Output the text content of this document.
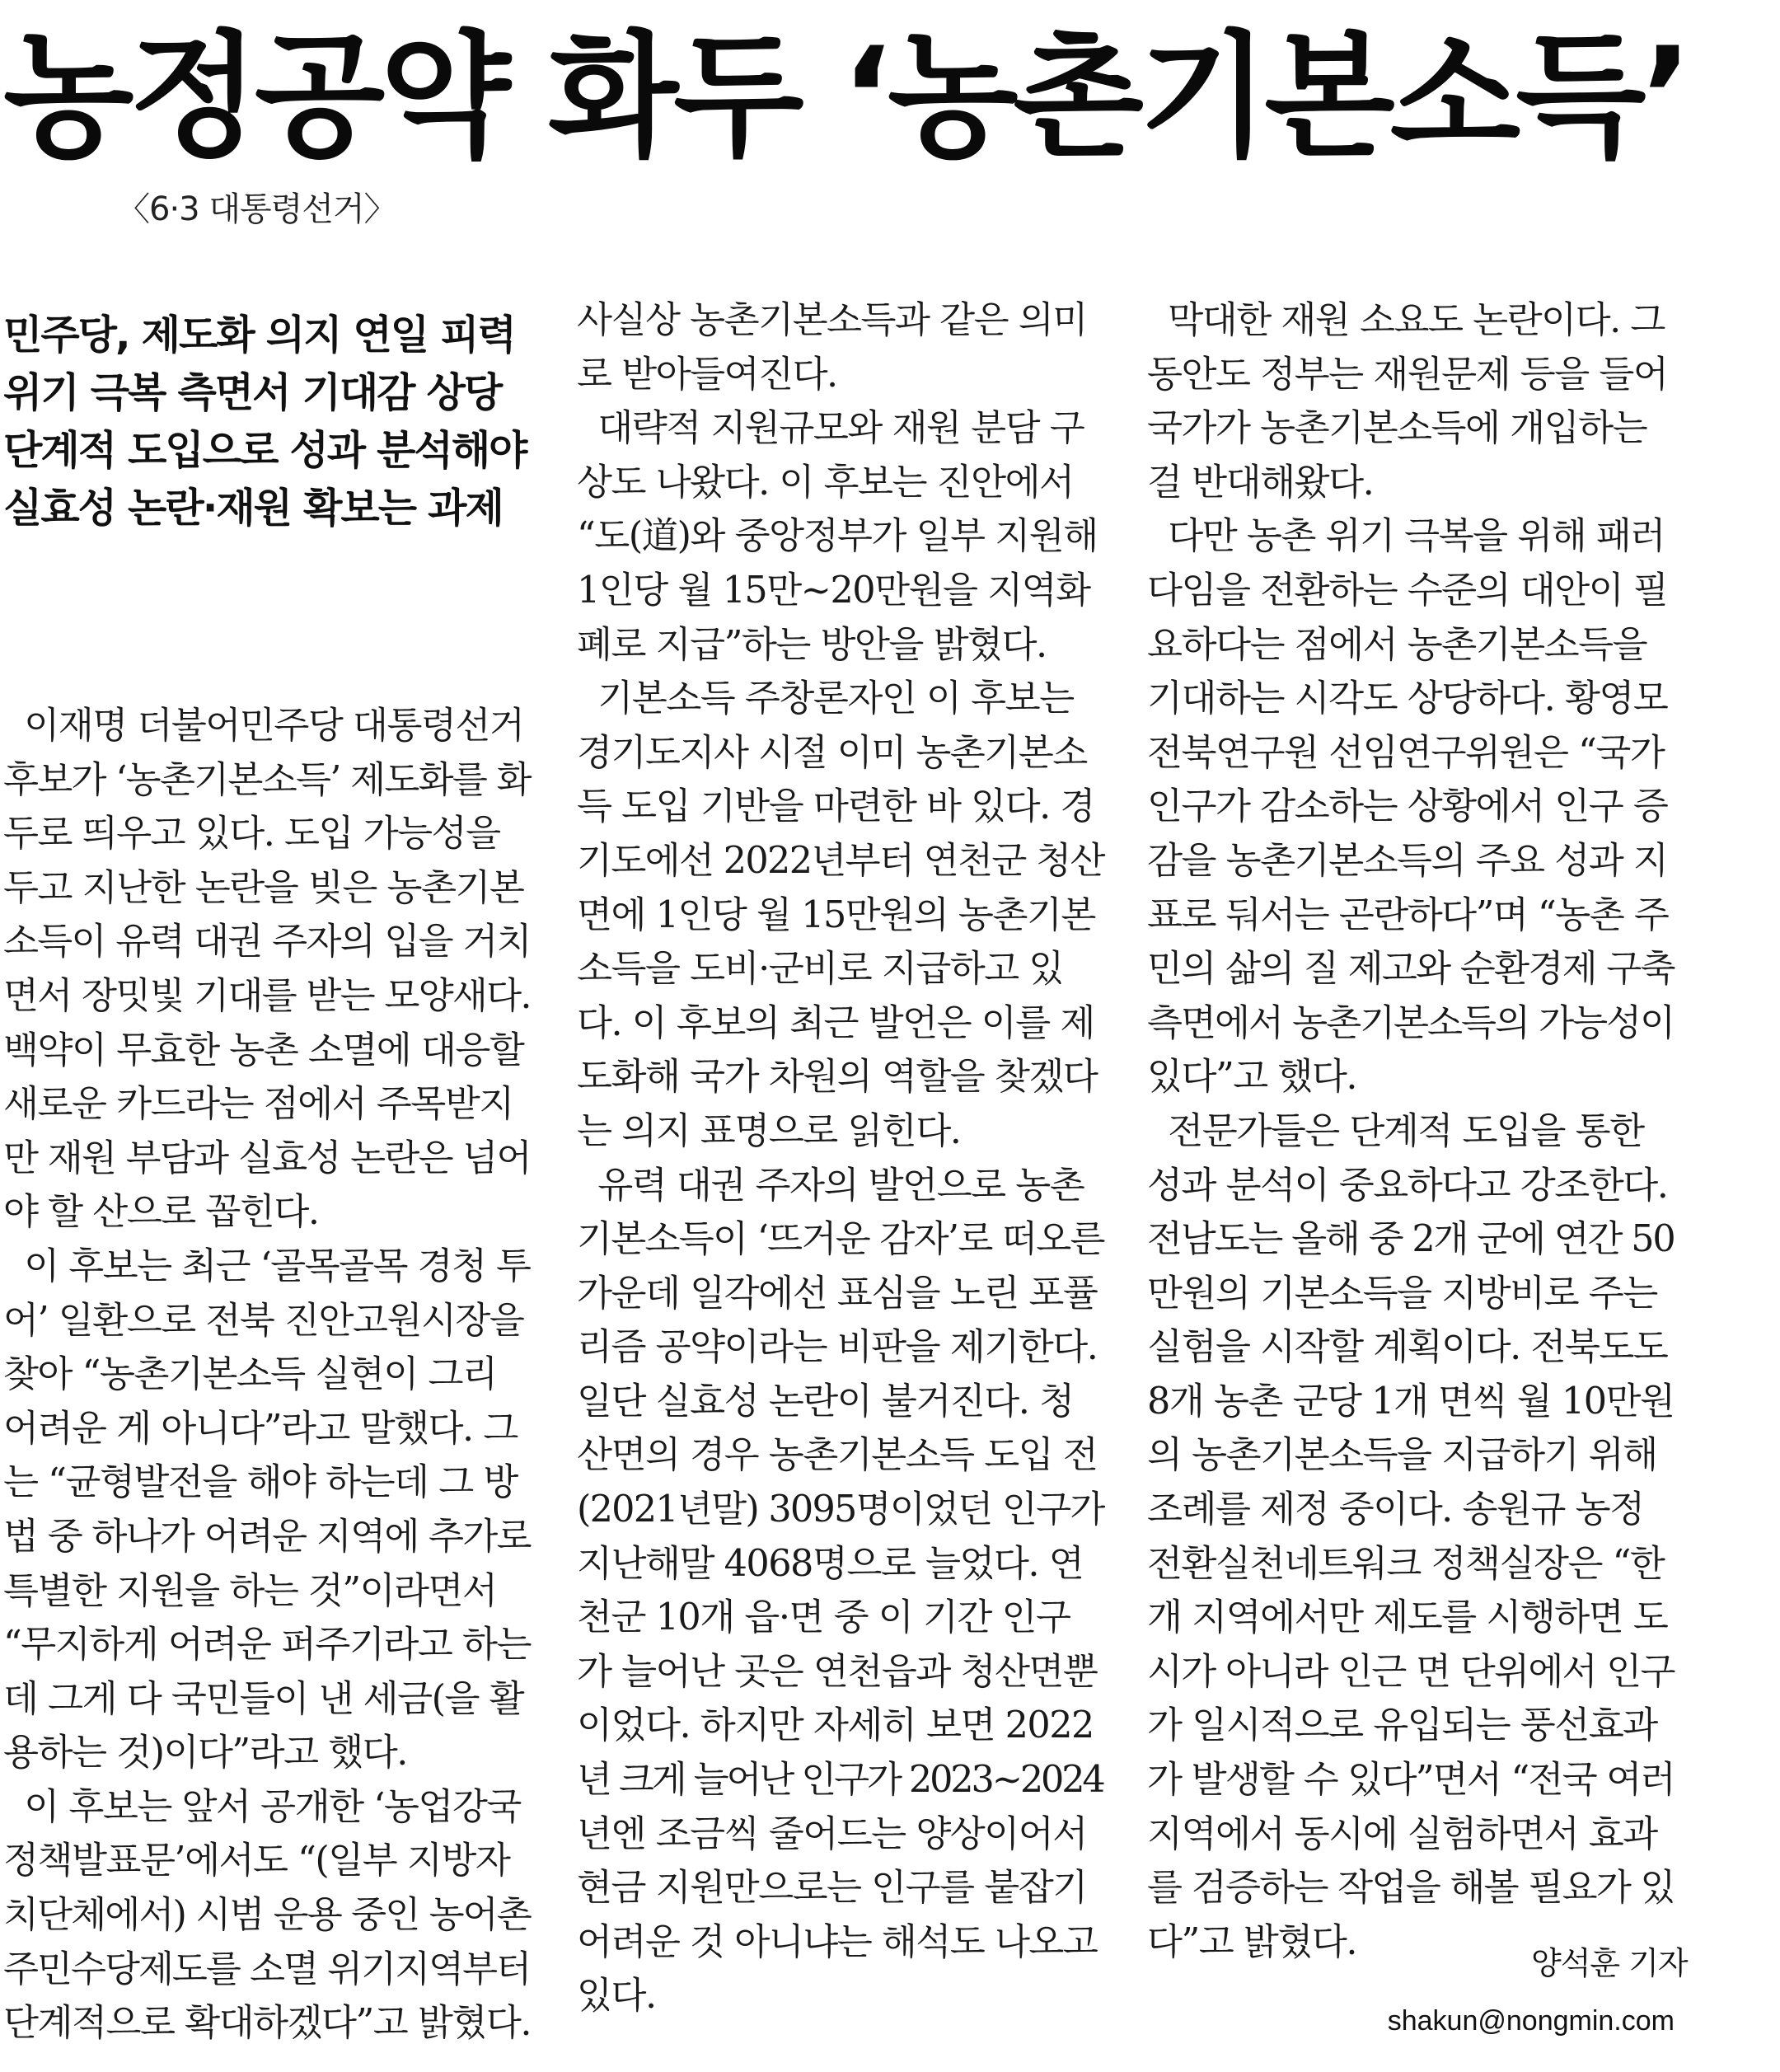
농정공약 화두 ‘농촌기본소득’
〈6·3 대통령선거〉

민주당, 제도화 의지 연일 피력

위기 극복 측면서 기대감 상당

단계적 도입으로 성과 분석해야

실효성 논란·재원 확보는 과제

이재명 더불어민주당 대통령선거

후보가 ‘농촌기본소득’ 제도화를 화

두로 띄우고 있다. 도입 가능성을

두고 지난한 논란을 빚은 농촌기본

소득이 유력 대권 주자의 입을 거치

면서 장밋빛 기대를 받는 모양새다.

백약이 무효한 농촌 소멸에 대응할

새로운 카드라는 점에서 주목받지

만 재원 부담과 실효성 논란은 넘어

야 할 산으로 꼽힌다.

이 후보는 최근 ‘골목골목 경청 투

어’ 일환으로 전북 진안고원시장을

찾아 “농촌기본소득 실현이 그리

어려운 게 아니다”라고 말했다. 그

는 “균형발전을 해야 하는데 그 방

법 중 하나가 어려운 지역에 추가로

특별한 지원을 하는 것”이라면서

“무지하게 어려운 퍼주기라고 하는

데 그게 다 국민들이 낸 세금(을 활

용하는 것)이다”라고 했다.

이 후보는 앞서 공개한 ‘농업강국

정책발표문’에서도 “(일부 지방자

치단체에서) 시범 운용 중인 농어촌

주민수당제도를 소멸 위기지역부터

단계적으로 확대하겠다”고 밝혔다.

사실상 농촌기본소득과 같은 의미

로 받아들여진다.

대략적 지원규모와 재원 분담 구

상도 나왔다. 이 후보는 진안에서

“도(道)와 중앙정부가 일부 지원해

1인당 월 15만∼20만원을 지역화

폐로 지급”하는 방안을 밝혔다.

기본소득 주창론자인 이 후보는

경기도지사 시절 이미 농촌기본소

득 도입 기반을 마련한 바 있다. 경

기도에선 2022년부터 연천군 청산

면에 1인당 월 15만원의 농촌기본

소득을 도비·군비로 지급하고 있

다. 이 후보의 최근 발언은 이를 제

도화해 국가 차원의 역할을 찾겠다

는 의지 표명으로 읽힌다.

유력 대권 주자의 발언으로 농촌

기본소득이 ‘뜨거운 감자’로 떠오른

가운데 일각에선 표심을 노린 포퓰

리즘 공약이라는 비판을 제기한다.

일단 실효성 논란이 불거진다. 청

산면의 경우 농촌기본소득 도입 전

(2021년말) 3095명이었던 인구가

지난해말 4068명으로 늘었다. 연

천군 10개 읍·면 중 이 기간 인구

가 늘어난 곳은 연천읍과 청산면뿐

이었다. 하지만 자세히 보면 2022

년 크게 늘어난 인구가 2023∼2024

년엔 조금씩 줄어드는 양상이어서

현금 지원만으로는 인구를 붙잡기

어려운 것 아니냐는 해석도 나오고

있다.

막대한 재원 소요도 논란이다. 그

동안도 정부는 재원문제 등을 들어

국가가 농촌기본소득에 개입하는

걸 반대해왔다.

다만 농촌 위기 극복을 위해 패러

다임을 전환하는 수준의 대안이 필

요하다는 점에서 농촌기본소득을

기대하는 시각도 상당하다. 황영모

전북연구원 선임연구위원은 “국가

인구가 감소하는 상황에서 인구 증

감을 농촌기본소득의 주요 성과 지

표로 둬서는 곤란하다”며 “농촌 주

민의 삶의 질 제고와 순환경제 구축

측면에서 농촌기본소득의 가능성이

있다”고 했다.

전문가들은 단계적 도입을 통한

성과 분석이 중요하다고 강조한다.

전남도는 올해 중 2개 군에 연간 50

만원의 기본소득을 지방비로 주는

실험을 시작할 계획이다. 전북도도

8개 농촌 군당 1개 면씩 월 10만원

의 농촌기본소득을 지급하기 위해

조례를 제정 중이다. 송원규 농정

전환실천네트워크 정책실장은 “한

개 지역에서만 제도를 시행하면 도

시가 아니라 인근 면 단위에서 인구

가 일시적으로 유입되는 풍선효과

가 발생할 수 있다”면서 “전국 여러

지역에서 동시에 실험하면서 효과

를 검증하는 작업을 해볼 필요가 있

다”고 밝혔다.

양석훈 기자
shakun@nongmin.com
